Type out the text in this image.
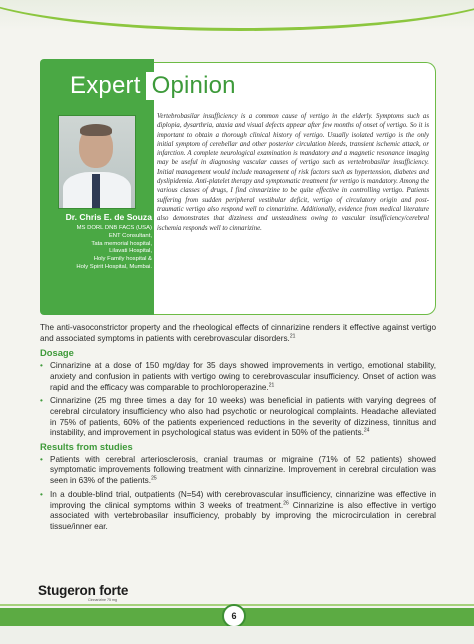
Dr. Chris E. de Souza
MS DORL DNB FACS (USA)
ENT Consultant,
Tata memorial hospital,
Lilavati Hospital,
Holy Family hospital &
Holy Spirit Hospital, Mumbai.
Expert Opinion

Vertebrobasilar insufficiency is a common cause of vertigo in the elderly. Symptoms such as diplopia, dysarthria, ataxia and visual defects appear after few months of onset of vertigo. So it is important to obtain a thorough clinical history of vertigo. Usually isolated vertigo is the only initial symptom of cerebellar and other posterior circulation bleeds, transient ischemic attack, or infarction. A complete neurological examination is mandatory and a magnetic resonance imaging may be useful in diagnosing vascular causes of vertigo such as vertebrobasilar insufficiency. Initial management would include management of risk factors such as hypertension, diabetes and dyslipidemia. Anti-platelet therapy and symptomatic treatment for vertigo is mandatory. Among the various classes of drugs, I find cinnarizine to be quite effective in controlling vertigo. Patients suffering from sudden peripheral vestibular deficit, vertigo of circulatory origin and post-traumatic vertigo also respond well to cinnarizine. Additionally, evidence from medical literature also demonstrates that dizziness and unsteadiness owing to vascular insufficiency/cerebral ischemia responds well to cinnarizine.

The anti-vasoconstrictor property and the rheological effects of cinnarizine renders it effective against vertigo and associated symptoms in patients with cerebrovascular disorders.$^{21}$

Dosage

• Cinnarizine at a dose of 150 mg/day for 35 days showed improvements in vertigo, emotional stability, anxiety and confusion in patients with vertigo owing to cerebrovascular insufficiency. Onset of action was rapid and the efficacy was comparable to prochloroperazine.$^{21}$

• Cinnarizine (25 mg three times a day for 10 weeks) was beneficial in patients with varying degrees of cerebral circulatory insufficiency who also had psychotic or neurological complaints. Headache alleviated in 75% of patients, 60% of the patients experienced reductions in the severity of dizziness, tinnitus and instability, and improvement in psychological status was evident in 50% of the patients.$^{24}$

Results from studies

• Patients with cerebral arteriosclerosis, cranial traumas or migraine (71% of 52 patients) showed symptomatic improvements following treatment with cinnarizine. Improvement in cerebral circulation was seen in 63% of the patients.$^{25}$

• In a double-blind trial, outpatients (N=54) with cerebrovascular insufficiency, cinnarizine was effective in improving the clinical symptoms within 3 weeks of treatment.$^{26}$ Cinnarizine is also effective in vertigo associated with vertebrobasilar insufficiency, probably by improving the microcirculation in cerebral tissue/inner ear.

Stugeron forte
Cinnarizine 75 mg
6
